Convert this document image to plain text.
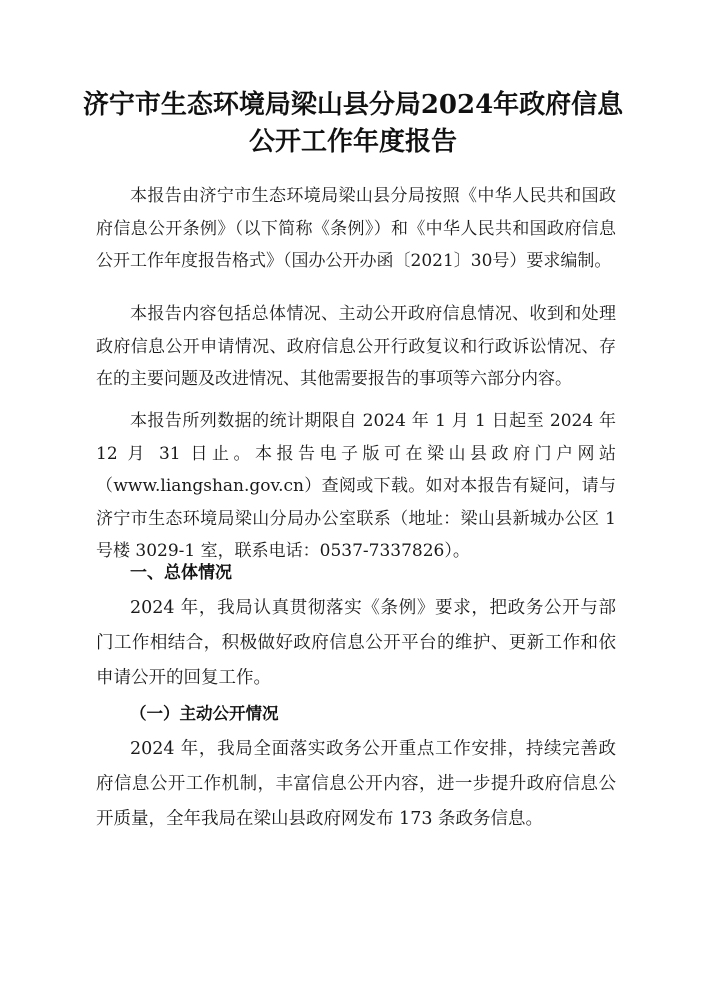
济宁市生态环境局梁山县分局2024年政府信息
公开工作年度报告

本报告由济宁市生态环境局梁山县分局按照《中华人民共和国政府信息公开条例》（以下简称《条例》）和《中华人民共和国政府信息公开工作年度报告格式》（国办公开办函〔2021〕30号）要求编制。

本报告内容包括总体情况、主动公开政府信息情况、收到和处理政府信息公开申请情况、政府信息公开行政复议和行政诉讼情况、存在的主要问题及改进情况、其他需要报告的事项等六部分内容。

本报告所列数据的统计期限自 2024 年 1 月 1 日起至 2024 年 12 月 31 日止。本报告电子版可在梁山县政府门户网站（www.liangshan.gov.cn）查阅或下载。如对本报告有疑问，请与济宁市生态环境局梁山分局办公室联系（地址：梁山县新城办公区 1 号楼 3029-1 室，联系电话：0537-7337826）。

一、总体情况

2024 年，我局认真贯彻落实《条例》要求，把政务公开与部门工作相结合，积极做好政府信息公开平台的维护、更新工作和依申请公开的回复工作。

（一）主动公开情况

2024 年，我局全面落实政务公开重点工作安排，持续完善政府信息公开工作机制，丰富信息公开内容，进一步提升政府信息公开质量，全年我局在梁山县政府网发布 173 条政务信息。
